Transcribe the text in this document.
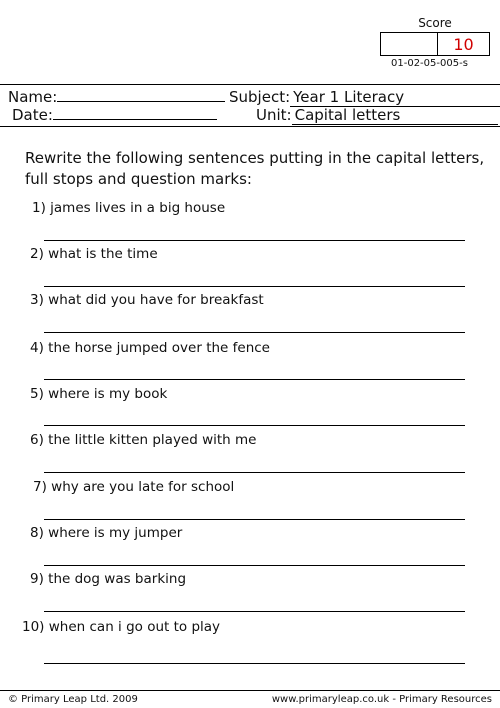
Score
10
01-02-05-005-s
Name:	Subject: Year 1 Literacy
Date:	Unit: Capital letters
Rewrite the following sentences putting in the capital letters, full stops and question marks:
1) james lives in a big house
2) what is the time
3) what did you have for breakfast
4) the horse jumped over the fence
5) where is my book
6) the little kitten played with me
7) why are you late for school
8) where is my jumper
9) the dog was barking
10) when can i go out to play
© Primary Leap Ltd. 2009	www.primaryleap.co.uk - Primary Resources
